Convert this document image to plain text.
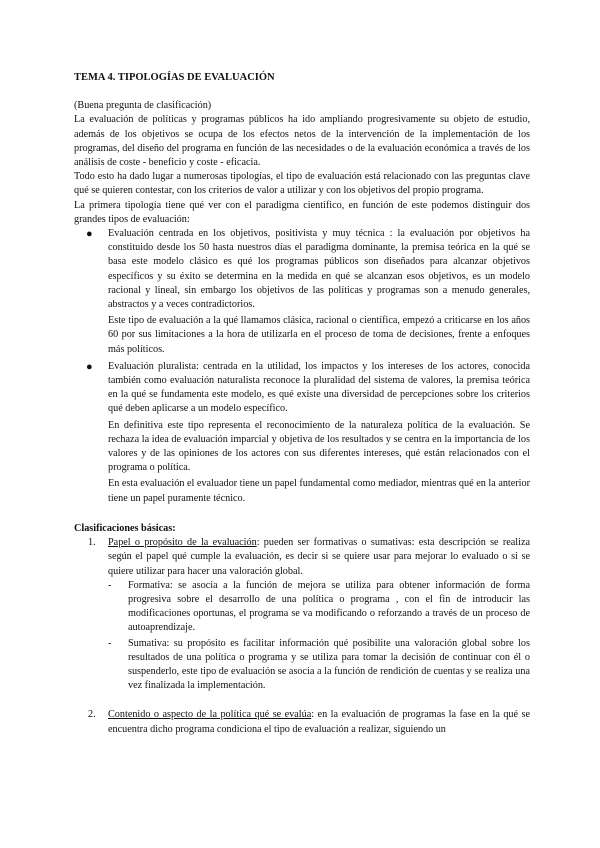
TEMA 4. TIPOLOGÍAS DE EVALUACIÓN

(Buena pregunta de clasificación)

La evaluación de políticas y programas públicos ha ido ampliando progresivamente su objeto de estudio, además de los objetivos se ocupa de los efectos netos de la intervención de la implementación de los programas, del diseño del programa en función de las necesidades o de la evaluación económica a través de los análisis de coste - beneficio y coste - eficacia.

Todo esto ha dado lugar a numerosas tipologías, el tipo de evaluación está relacionado con las preguntas clave qué se quieren contestar, con los criterios de valor a utilizar y con los objetivos del propio programa.

La primera tipología tiene qué ver con el paradigma científico, en función de este podemos distinguir dos grandes tipos de evaluación:

● Evaluación centrada en los objetivos, positivista y muy técnica : la evaluación por objetivos ha constituido desde los 50 hasta nuestros días el paradigma dominante, la premisa teórica en la qué se basa este modelo clásico es qué los programas públicos son diseñados para alcanzar objetivos específicos y su éxito se determina en la medida en qué se alcanzan esos objetivos, es un modelo racional y lineal, sin embargo los objetivos de las políticas y programas son a menudo generales, abstractos y a veces contradictorios.

Este tipo de evaluación a la qué llamamos clásica, racional o científica, empezó a criticarse en los años 60 por sus limitaciones a la hora de utilizarla en el proceso de toma de decisiones, frente a enfoques más políticos.

● Evaluación pluralista: centrada en la utilidad, los impactos y los intereses de los actores, conocida también como evaluación naturalista reconoce la pluralidad del sistema de valores, la premisa teórica en la qué se fundamenta este modelo, es qué existe una diversidad de percepciones sobre los criterios qué deben aplicarse a un modelo específico.

En definitiva este tipo representa el reconocimiento de la naturaleza política de la evaluación. Se rechaza la idea de evaluación imparcial y objetiva de los resultados y se centra en la importancia de los valores y de las opiniones de los actores con sus diferentes intereses, qué están relacionados con el programa o política.

En esta evaluación el evaluador tiene un papel fundamental como mediador, mientras qué en la anterior tiene un papel puramente técnico.

Clasificaciones básicas:
1. Papel o propósito de la evaluación: pueden ser formativas o sumativas: esta descripción se realiza según el papel qué cumple la evaluación, es decir si se quiere usar para mejorar lo evaluado o si se quiere utilizar para hacer una valoración global.

- Formativa: se asocia a la función de mejora se utiliza para obtener información de forma progresiva sobre el desarrollo de una política o programa , con el fin de introducir las modificaciones oportunas, el programa se va modificando o reforzando a través de un proceso de autoaprendizaje.

- Sumativa: su propósito es facilitar información qué posibilite una valoración global sobre los resultados de una política o programa y se utiliza para tomar la decisión de continuar con él o suspenderlo, este tipo de evaluación se asocia a la función de rendición de cuentas y se realiza una vez finalizada la implementación.

2. Contenido o aspecto de la política qué se evalúa: en la evaluación de programas la fase en la qué se encuentra dicho programa condiciona el tipo de evaluación a realizar, siguiendo un
